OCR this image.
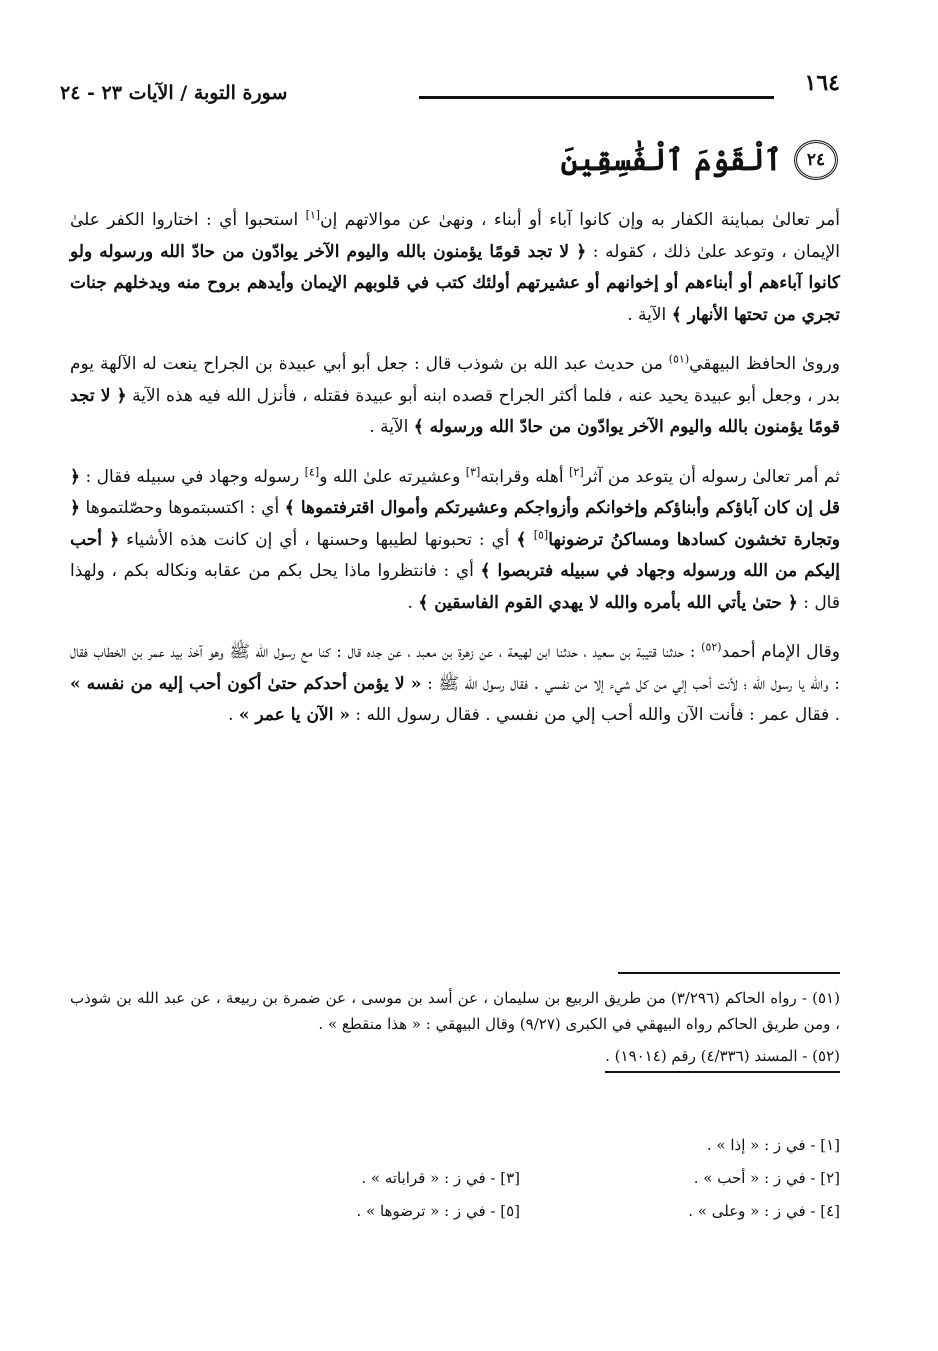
١٦٤
سورة التوبة / الآيات ٢٣ - ٢٤
٢٤
ٱلْقَوْمَ ٱلْفَٰسِقِينَ

أمر تعالىٰ بمباينة الكفار به وإن كانوا آباء أو أبناء ، ونهىٰ عن موالاتهم إن[١] استحبوا أي : اختاروا الكفر علىٰ الإيمان ، وتوعد علىٰ ذلك ، كقوله : ﴿ لا تجد قومًا يؤمنون بالله واليوم الآخر يوادّون من حادّ الله ورسوله ولو كانوا آباءهم أو أبناءهم أو إخوانهم أو عشيرتهم أولئك كتب في قلوبهم الإيمان وأيدهم بروح منه ويدخلهم جنات تجري من تحتها الأنهار ﴾ الآية .

وروىٰ الحافظ البيهقي$^{(٥١)}$ من حديث عبد الله بن شوذب قال : جعل أبو أبي عبيدة بن الجراح ينعت له الآلهة يوم بدر ، وجعل أبو عبيدة يحيد عنه ، فلما أكثر الجراح قصده ابنه أبو عبيدة فقتله ، فأنزل الله فيه هذه الآية ﴿ لا تجد قومًا يؤمنون بالله واليوم الآخر يوادّون من حادّ الله ورسوله ﴾ الآية .

ثم أمر تعالىٰ رسوله أن يتوعد من آثر[٢] أهله وقرابته[٣] وعشيرته علىٰ الله و[٤] رسوله وجهاد في سبيله فقال : ﴿ قل إن كان آباؤكم وأبناؤكم وإخوانكم وأزواجكم وعشيرتكم وأموال اقترفتموها ﴾ أي : اكتسبتموها وحصّلتموها ﴿ وتجارة تخشون كسادها ومساكنُ ترضونها[٥] ﴾ أي : تحبونها لطيبها وحسنها ، أي إن كانت هذه الأشياء ﴿ أحب إليكم من الله ورسوله وجهاد في سبيله فتربصوا ﴾ أي : فانتظروا ماذا يحل بكم من عقابه ونكاله بكم ، ولهذا قال : ﴿ حتىٰ يأتي الله بأمره والله لا يهدي القوم الفاسقين ﴾ .

وقال الإمام أحمد$^{(٥٢)}$ : حدثنا قتيبة بن سعيد ، حدثنا ابن لهيعة ، عن زهرة بن معبد ، عن جده قال : كنا مع رسول الله ﷺ وهو آخذ بيد عمر بن الخطاب فقال : والله يا رسول الله ؛ لأنت أحب إلي من كل شيء إلا من نفسي . فقال رسول الله ﷺ : « لا يؤمن أحدكم حتىٰ أكون أحب إليه من نفسه » . فقال عمر : فأنت الآن والله أحب إلي من نفسي . فقال رسول الله : « الآن يا عمر » .

(٥١) - رواه الحاكم (٣/٢٩٦) من طريق الربيع بن سليمان ، عن أسد بن موسى ، عن ضمرة بن ربيعة ، عن عبد الله بن شوذب ، ومن طريق الحاكم رواه البيهقي في الكبرى (٩/٢٧) وقال البيهقي : « هذا منقطع » .

(٥٢) - المسند (٤/٣٣٦) رقم (١٩٠١٤) .

[١] - في ز : « إذا » .
[٢] - في ز : « أحب » .
[٣] - في ز : « قراباته » .
[٤] - في ز : « وعلى » .
[٥] - في ز : « ترضوها » .
